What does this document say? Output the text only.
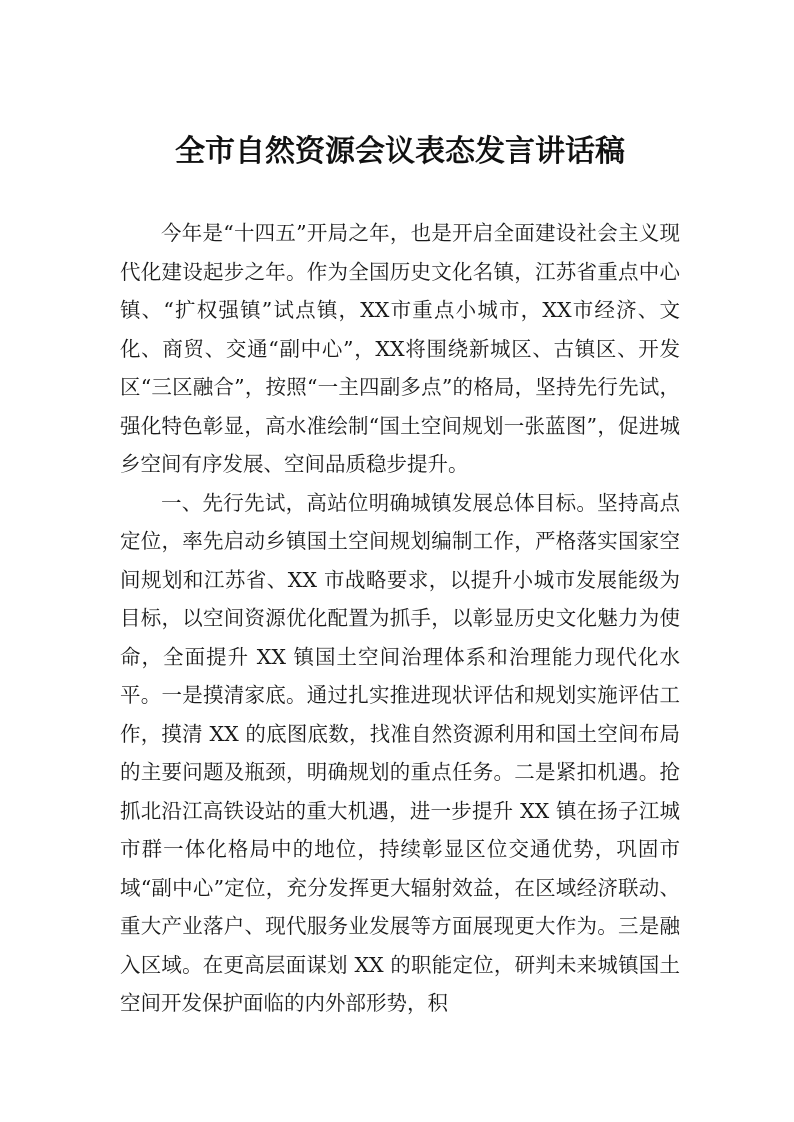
全市自然资源会议表态发言讲话稿

今年是“十四五”开局之年，也是开启全面建设社会主义现代化建设起步之年。作为全国历史文化名镇，江苏省重点中心镇、“扩权强镇”试点镇，XX市重点小城市，XX市经济、文化、商贸、交通“副中心”，XX将围绕新城区、古镇区、开发区“三区融合”，按照“一主四副多点”的格局，坚持先行先试，强化特色彰显，高水准绘制“国土空间规划一张蓝图”，促进城乡空间有序发展、空间品质稳步提升。

一、先行先试，高站位明确城镇发展总体目标。坚持高点定位，率先启动乡镇国土空间规划编制工作，严格落实国家空间规划和江苏省、XX 市战略要求，以提升小城市发展能级为目标，以空间资源优化配置为抓手，以彰显历史文化魅力为使命，全面提升 XX 镇国土空间治理体系和治理能力现代化水平。一是摸清家底。通过扎实推进现状评估和规划实施评估工作，摸清 XX 的底图底数，找准自然资源利用和国土空间布局的主要问题及瓶颈，明确规划的重点任务。二是紧扣机遇。抢抓北沿江高铁设站的重大机遇，进一步提升 XX 镇在扬子江城市群一体化格局中的地位，持续彰显区位交通优势，巩固市域“副中心”定位，充分发挥更大辐射效益，在区域经济联动、重大产业落户、现代服务业发展等方面展现更大作为。三是融入区域。在更高层面谋划 XX 的职能定位，研判未来城镇国土空间开发保护面临的内外部形势，积
